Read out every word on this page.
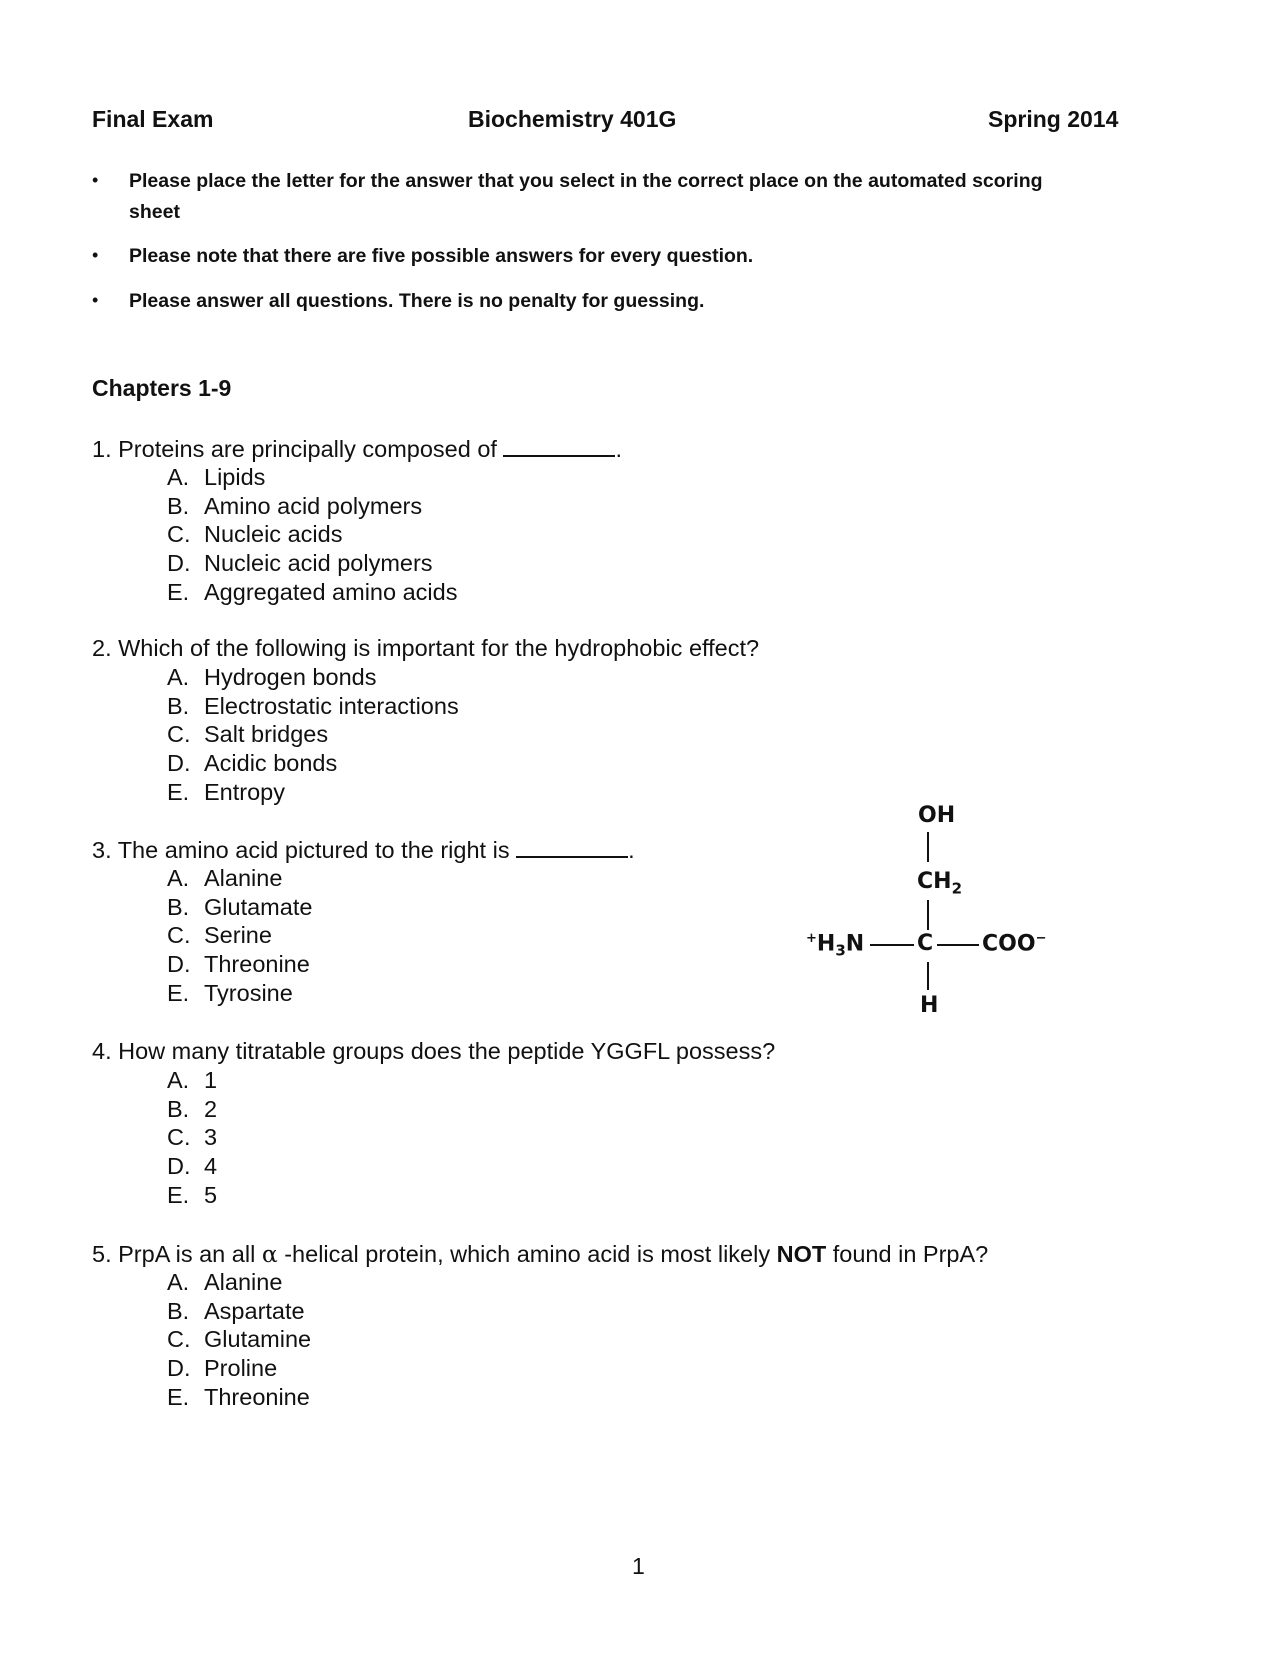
Final Exam	Biochemistry 401G	Spring 2014
• Please place the letter for the answer that you select in the correct place on the automated scoring
sheet
• Please note that there are five possible answers for every question.
• Please answer all questions. There is no penalty for guessing.
Chapters 1-9
1. Proteins are principally composed of	.
A. Lipids
B. Amino acid polymers
C. Nucleic acids
D. Nucleic acid polymers
E. Aggregated amino acids
2. Which of the following is important for the hydrophobic effect?
A. Hydrogen bonds
B. Electrostatic interactions
C. Salt bridges
D. Acidic bonds
E. Entropy
3. The amino acid pictured to the right is	.
A. Alanine
B. Glutamate
C. Serine
D. Threonine
E. Tyrosine
4. How many titratable groups does the peptide YGGFL possess?
A. 1
B. 2
C. 3
D. 4
E. 5
5. PrpA is an all α -helical protein, which amino acid is most likely NOT found in PrpA?
A. Alanine
B. Aspartate
C. Glutamine
D. Proline
E. Threonine
OH
$CH_2$
$^+H_3N$ C COO−
H
1
